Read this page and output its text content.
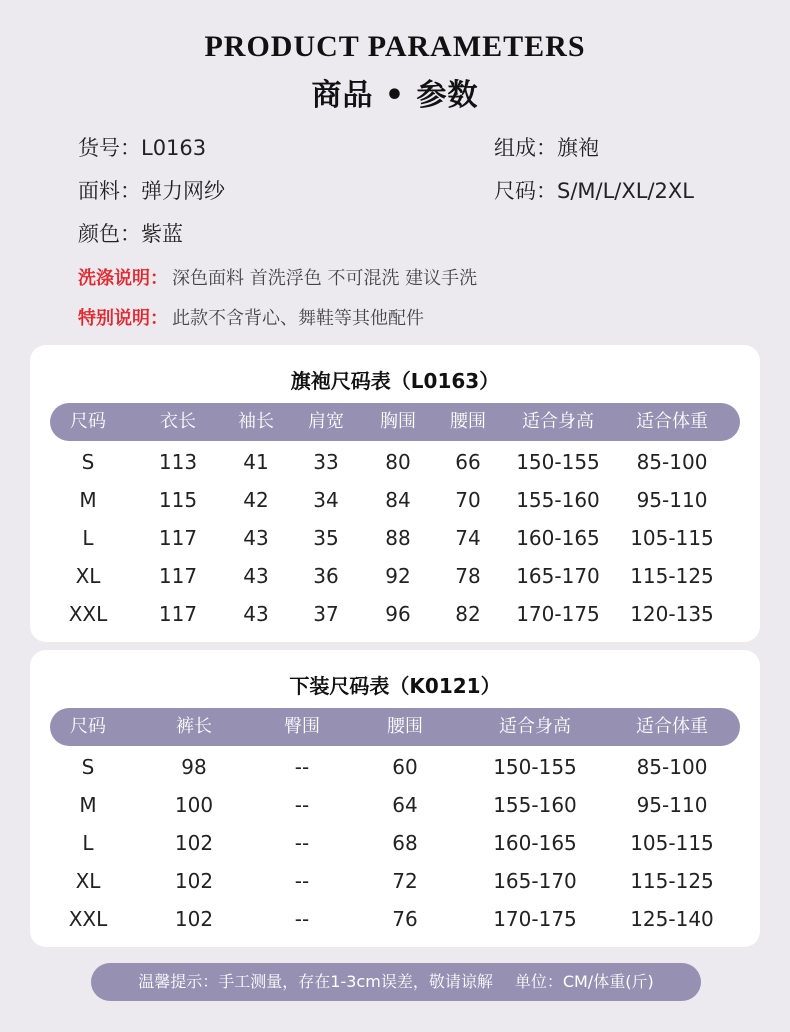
PRODUCT PARAMETERS
商品 • 参数
货号：L0163
面料：弹力网纱
颜色：紫蓝
组成：旗袍
尺码：S/M/L/XL/2XL
洗涤说明： 深色面料 首洗浮色 不可混洗 建议手洗
特别说明： 此款不含背心、舞鞋等其他配件
旗袍尺码表（L0163）
尺码	衣长 袖长 肩宽 胸围 腰围 适合身高 适合体重
S	113 41 33 80 66 150-155 85-100
M	115 42 34 84 70 155-160 95-110
L	117 43 35 88 74 160-165 105-115
XL	117 43 36 92 78 165-170 115-125
XXL	117 43 37 96 82 170-175 120-135
下装尺码表（K0121）
尺码	裤长	臀围	腰围	适合身高	适合体重
S	98	--	60	150-155	85-100
M	100	--	64	155-160	95-110
L	102	--	68	160-165	105-115
XL	102	--	72	165-170	115-125
XXL	102	--	76	170-175	125-140
温馨提示：手工测量，存在1-3cm误差，敬请谅解 单位：CM/体重(斤)
